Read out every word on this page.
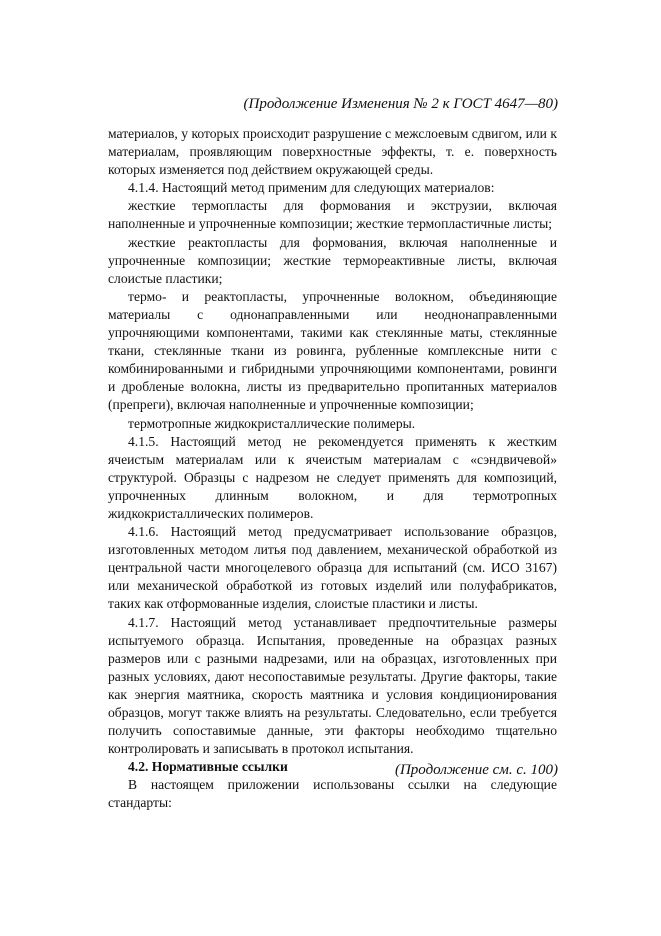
(Продолжение Изменения № 2 к ГОСТ 4647—80)

материалов, у которых происходит разрушение с межслоевым сдвигом, или к материалам, проявляющим поверхностные эффекты, т. е. поверхность которых изменяется под действием окружающей среды.

4.1.4. Настоящий метод применим для следующих материалов:

жесткие термопласты для формования и экструзии, включая наполненные и упрочненные композиции; жесткие термопластичные листы;

жесткие реактопласты для формования, включая наполненные и упрочненные композиции; жесткие термореактивные листы, включая слоистые пластики;

термо- и реактопласты, упрочненные волокном, объединяющие материалы с однонаправленными или неоднонаправленными упрочняющими компонентами, такими как стеклянные маты, стеклянные ткани, стеклянные ткани из ровинга, рубленные комплексные нити с комбинированными и гибридными упрочняющими компонентами, ровинги и дробленые волокна, листы из предварительно пропитанных материалов (препреги), включая наполненные и упрочненные композиции;

термотропные жидкокристаллические полимеры.

4.1.5. Настоящий метод не рекомендуется применять к жестким ячеистым материалам или к ячеистым материалам с «сэндвичевой» структурой. Образцы с надрезом не следует применять для композиций, упрочненных длинным волокном, и для термотропных жидкокристаллических полимеров.

4.1.6. Настоящий метод предусматривает использование образцов, изготовленных методом литья под давлением, механической обработкой из центральной части многоцелевого образца для испытаний (см. ИСО 3167) или механической обработкой из готовых изделий или полуфабрикатов, таких как отформованные изделия, слоистые пластики и листы.

4.1.7. Настоящий метод устанавливает предпочтительные размеры испытуемого образца. Испытания, проведенные на образцах разных размеров или с разными надрезами, или на образцах, изготовленных при разных условиях, дают несопоставимые результаты. Другие факторы, такие как энергия маятника, скорость маятника и условия кондиционирования образцов, могут также влиять на результаты. Следовательно, если требуется получить сопоставимые данные, эти факторы необходимо тщательно контролировать и записывать в протокол испытания.

4.2. Нормативные ссылки

В настоящем приложении использованы ссылки на следующие стандарты:

(Продолжение см. с. 100)
